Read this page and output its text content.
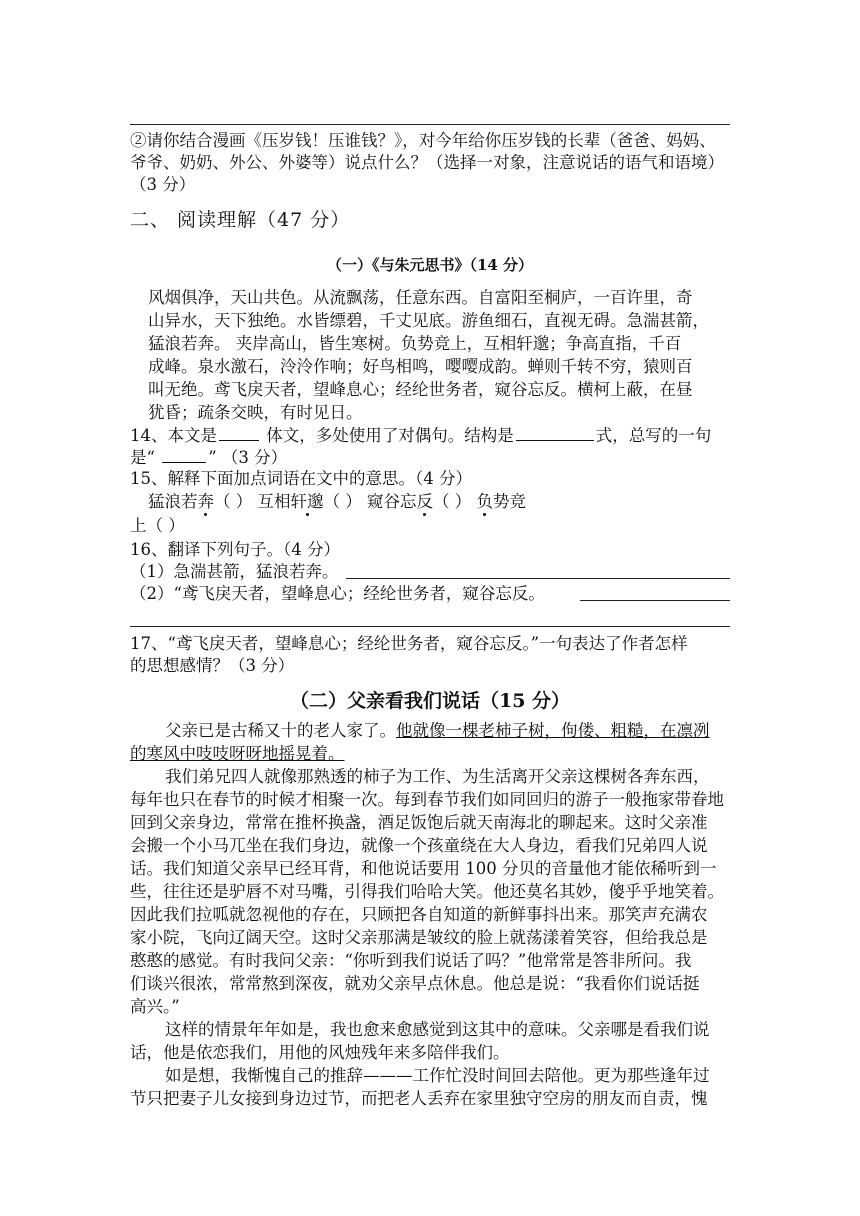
②请你结合漫画《压岁钱！压谁钱？》，对今年给你压岁钱的长辈（爸爸、妈妈、
爷爷、奶奶、外公、外婆等）说点什么？（选择一对象，注意说话的语气和语境）
（3 分）
二、 阅读理解（47 分）
（一）《与朱元思书》（14 分）
风烟俱净，天山共色。从流飘荡，任意东西。自富阳至桐庐，一百许里，奇
山异水，天下独绝。水皆缥碧，千丈见底。游鱼细石，直视无碍。急湍甚箭，
猛浪若奔。 夹岸高山，皆生寒树。负势竞上，互相轩邈；争高直指，千百
成峰。泉水激石，泠泠作响；好鸟相鸣，嘤嘤成韵。蝉则千转不穷，猿则百
叫无绝。鸢飞戾天者，望峰息心；经纶世务者，窥谷忘反。横柯上蔽，在昼
犹昏；疏条交映，有时见日。
14、本文是	体文，多处使用了对偶句。结构是	式，总写的一句
是“	” （3 分）
15、解释下面加点词语在文中的意思。（4 分）
猛浪若奔（ ） 互相轩邈（ ） 窥谷忘反（ ） 负势竞
上（ ）
16、翻译下列句子。（4 分）
（1）急湍甚箭，猛浪若奔。
（2）“鸢飞戾天者，望峰息心；经纶世务者，窥谷忘反。
17、“鸢飞戾天者，望峰息心；经纶世务者，窥谷忘反。”一句表达了作者怎样
的思想感情？（3 分）
（二）父亲看我们说话（15 分）
父亲已是古稀又十的老人家了。他就像一棵老柿子树，佝偻、粗糙，在凛冽
的寒风中吱吱呀呀地摇晃着。
我们弟兄四人就像那熟透的柿子为工作、为生活离开父亲这棵树各奔东西，
每年也只在春节的时候才相聚一次。每到春节我们如同回归的游子一般拖家带眷地
回到父亲身边，常常在推杯换盏，酒足饭饱后就天南海北的聊起来。这时父亲准
会搬一个小马兀坐在我们身边，就像一个孩童绕在大人身边，看我们兄弟四人说
话。我们知道父亲早已经耳背，和他说话要用 100 分贝的音量他才能依稀听到一
些，往往还是驴唇不对马嘴，引得我们哈哈大笑。他还莫名其妙，傻乎乎地笑着。
因此我们拉呱就忽视他的存在，只顾把各自知道的新鲜事抖出来。那笑声充满农
家小院，飞向辽阔天空。这时父亲那满是皱纹的脸上就荡漾着笑容，但给我总是
憨憨的感觉。有时我问父亲：“你听到我们说话了吗？”他常常是答非所问。我
们谈兴很浓，常常熬到深夜，就劝父亲早点休息。他总是说：“我看你们说话挺
高兴。”
这样的情景年年如是，我也愈来愈感觉到这其中的意味。父亲哪是看我们说
话，他是依恋我们，用他的风烛残年来多陪伴我们。
如是想，我惭愧自己的推辞———工作忙没时间回去陪他。更为那些逢年过
节只把妻子儿女接到身边过节，而把老人丢弃在家里独守空房的朋友而自责，愧
